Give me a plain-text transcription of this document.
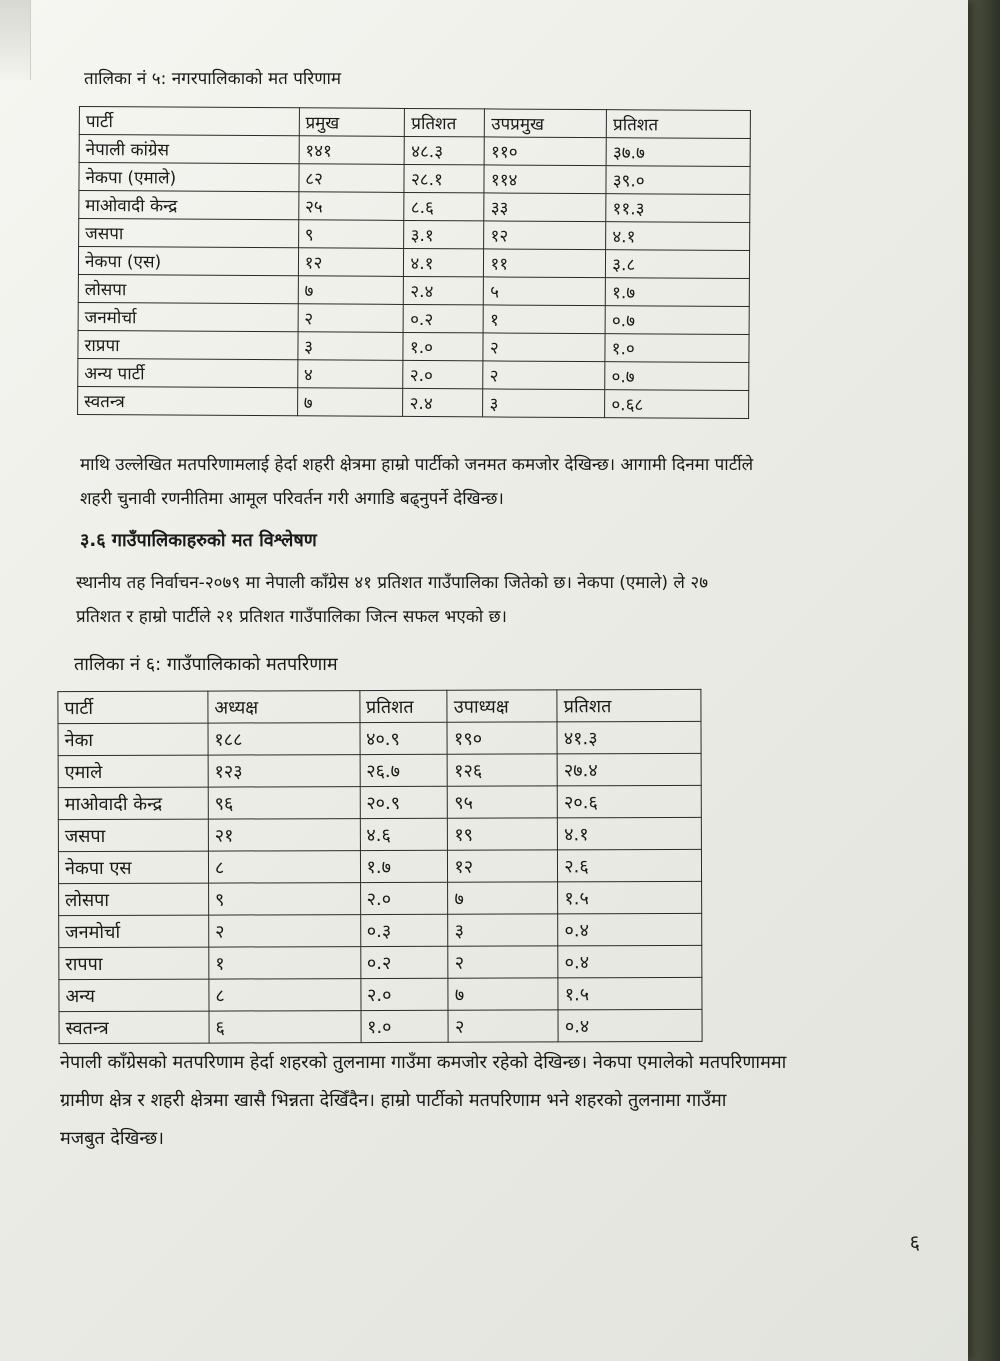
तालिका नं ५: नगरपालिकाको मत परिणाम
पार्टी	प्रमुख	प्रतिशत	उपप्रमुख	प्रतिशत
नेपाली कांग्रेस	१४१	४८.३	११०	३७.७
नेकपा (एमाले)	८२	२८.१	११४	३९.०
माओवादी केन्द्र	२५	८.६	३३	११.३
जसपा	९	३.१	१२	४.१
नेकपा (एस)	१२	४.१	११	३.८
लोसपा	७	२.४	५	१.७
जनमोर्चा	२	०.२	१	०.७
राप्रपा	३	१.०	२	१.०
अन्य पार्टी	४	२.०	२	०.७
स्वतन्त्र	७	२.४	३	०.६८
माथि उल्लेखित मतपरिणामलाई हेर्दा शहरी क्षेत्रमा हाम्रो पार्टीको जनमत कमजोर देखिन्छ। आगामी दिनमा पार्टीले
शहरी चुनावी रणनीतिमा आमूल परिवर्तन गरी अगाडि बढ्नुपर्ने देखिन्छ।
३.६ गाउँपालिकाहरुको मत विश्लेषण
स्थानीय तह निर्वाचन-२०७९ मा नेपाली काँग्रेस ४१ प्रतिशत गाउँपालिका जितेको छ। नेकपा (एमाले) ले २७
प्रतिशत र हाम्रो पार्टीले २१ प्रतिशत गाउँपालिका जित्न सफल भएको छ।
तालिका नं ६: गाउँपालिकाको मतपरिणाम
पार्टी	अध्यक्ष	प्रतिशत	उपाध्यक्ष	प्रतिशत
नेका	१८८	४०.९	१९०	४१.३
एमाले	१२३	२६.७	१२६	२७.४
माओवादी केन्द्र	९६	२०.९	९५	२०.६
जसपा	२१	४.६	१९	४.१
नेकपा एस	८	१.७	१२	२.६
लोसपा	९	२.०	७	१.५
जनमोर्चा	२	०.३	३	०.४
रापपा	१	०.२	२	०.४
अन्य	८	२.०	७	१.५
स्वतन्त्र	६	१.०	२	०.४
नेपाली काँग्रेसको मतपरिणाम हेर्दा शहरको तुलनामा गाउँमा कमजोर रहेको देखिन्छ। नेकपा एमालेको मतपरिणाममा
ग्रामीण क्षेत्र र शहरी क्षेत्रमा खासै भिन्नता देखिँदैन। हाम्रो पार्टीको मतपरिणाम भने शहरको तुलनामा गाउँमा
मजबुत देखिन्छ।
६
